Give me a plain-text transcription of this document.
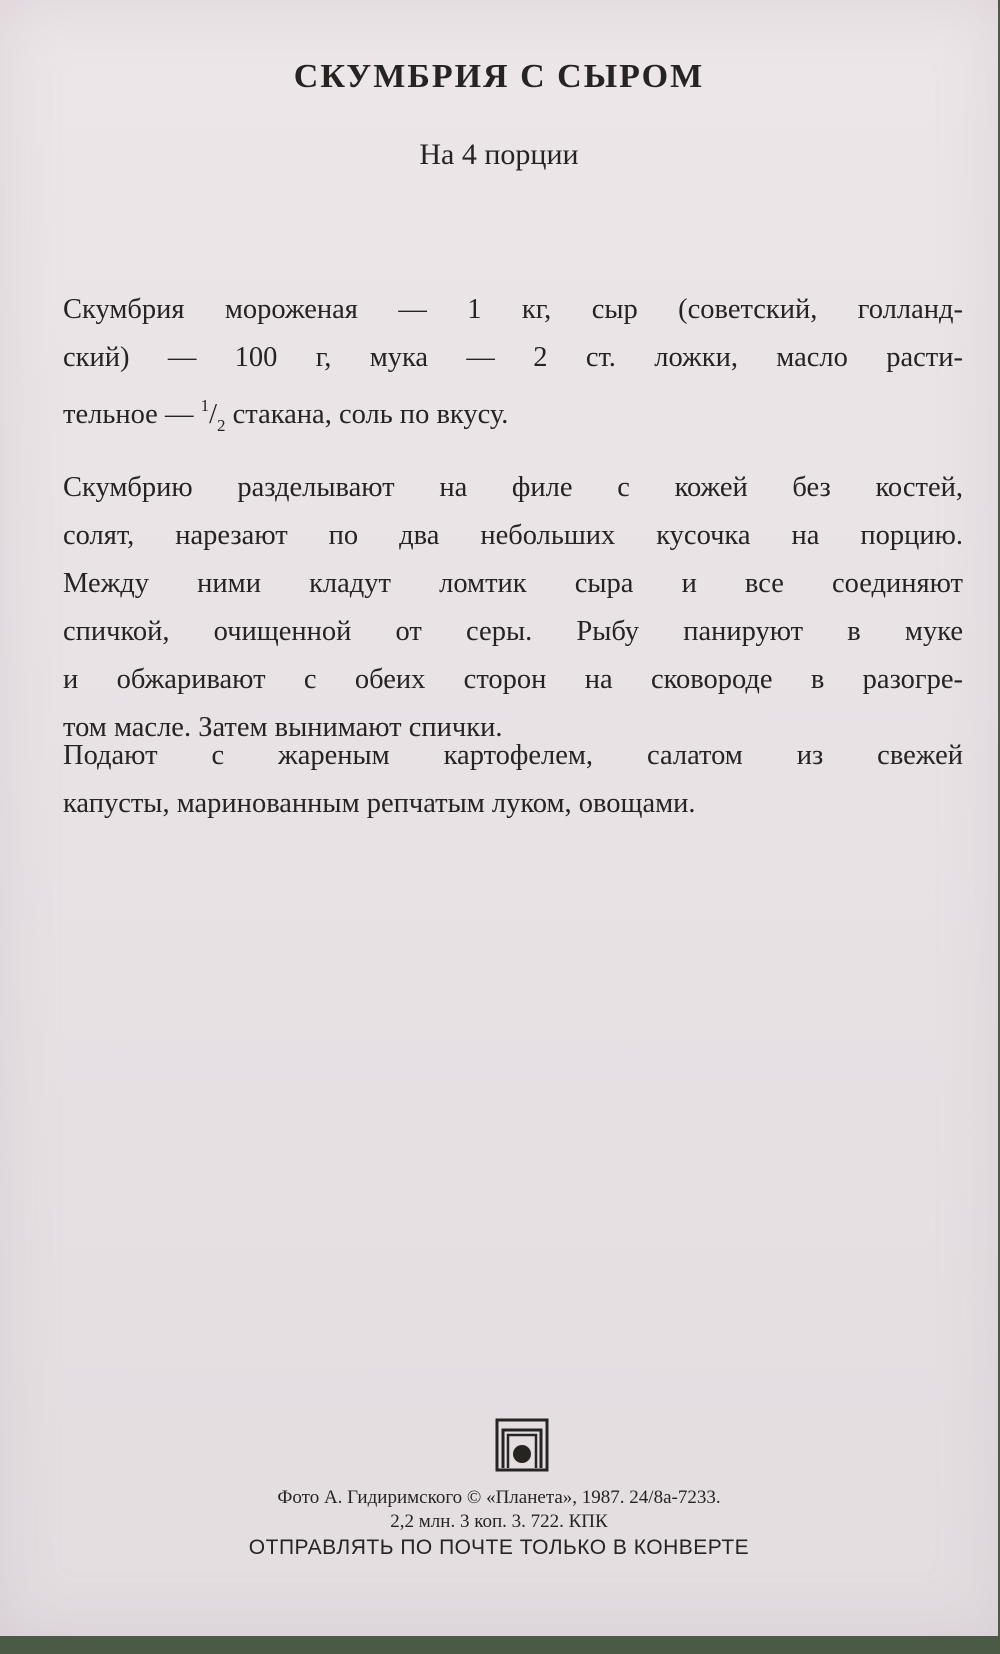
СКУМБРИЯ С СЫРОМ
На 4 порции
Скумбрия мороженая — 1 кг, сыр (советский, голланд-
ский) — 100 г, мука — 2 ст. ложки, масло расти-
тельное — $^1/_2$ стакана, соль по вкусу.
Скумбрию разделывают на филе с кожей без костей,
солят, нарезают по два небольших кусочка на порцию.
Между ними кладут ломтик сыра и все соединяют
спичкой, очищенной от серы. Рыбу панируют в муке
и обжаривают с обеих сторон на сковороде в разогре-
том масле. Затем вынимают спички.
Подают с жареным картофелем, салатом из свежей
капусты, маринованным репчатым луком, овощами.
Фото А. Гидиримского © «Планета», 1987. 24/8а-7233.
2,2 млн. 3 коп. 3. 722. КПК
ОТПРАВЛЯТЬ ПО ПОЧТЕ ТОЛЬКО В КОНВЕРТЕ
